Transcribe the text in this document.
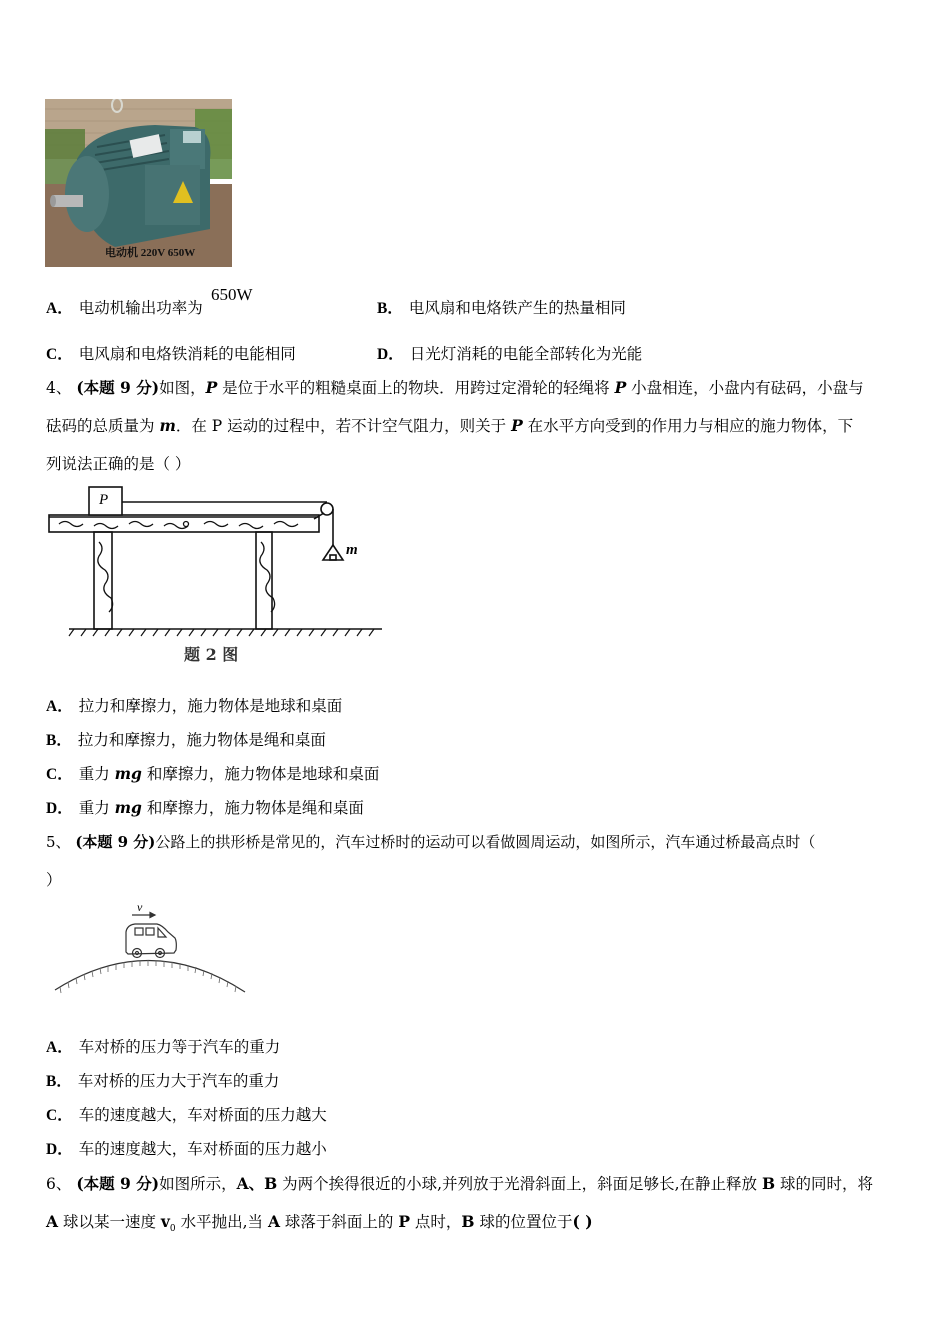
电动机 220V 650W
A． 电动机输出功率为
650W
B． 电风扇和电烙铁产生的热量相同
C． 电风扇和电烙铁消耗的电能相同	D． 日光灯消耗的电能全部转化为光能
4、 (本题 9 分)如图，P 是位于水平的粗糙桌面上的物块．用跨过定滑轮的轻绳将 P 小盘相连，小盘内有砝码，小盘与
砝码的总质量为 m．在 P 运动的过程中，若不计空气阻力，则关于 P 在水平方向受到的作用力与相应的施力物体，下
列说法正确的是（ ）
P
m
题 2 图
A． 拉力和摩擦力，施力物体是地球和桌面
B． 拉力和摩擦力，施力物体是绳和桌面
C． 重力 mg 和摩擦力，施力物体是地球和桌面
D． 重力 mg 和摩擦力，施力物体是绳和桌面
5、 (本题 9 分)公路上的拱形桥是常见的，汽车过桥时的运动可以看做圆周运动，如图所示，汽车通过桥最高点时（
）
v
A． 车对桥的压力等于汽车的重力
B． 车对桥的压力大于汽车的重力
C． 车的速度越大，车对桥面的压力越大
D． 车的速度越大，车对桥面的压力越小
6、 (本题 9 分)如图所示，A、B 为两个挨得很近的小球,并列放于光滑斜面上，斜面足够长,在静止释放 B 球的同时，将
A 球以某一速度 $v_0$ 水平抛出,当 A 球落于斜面上的 P 点时，B 球的位置位于( )
